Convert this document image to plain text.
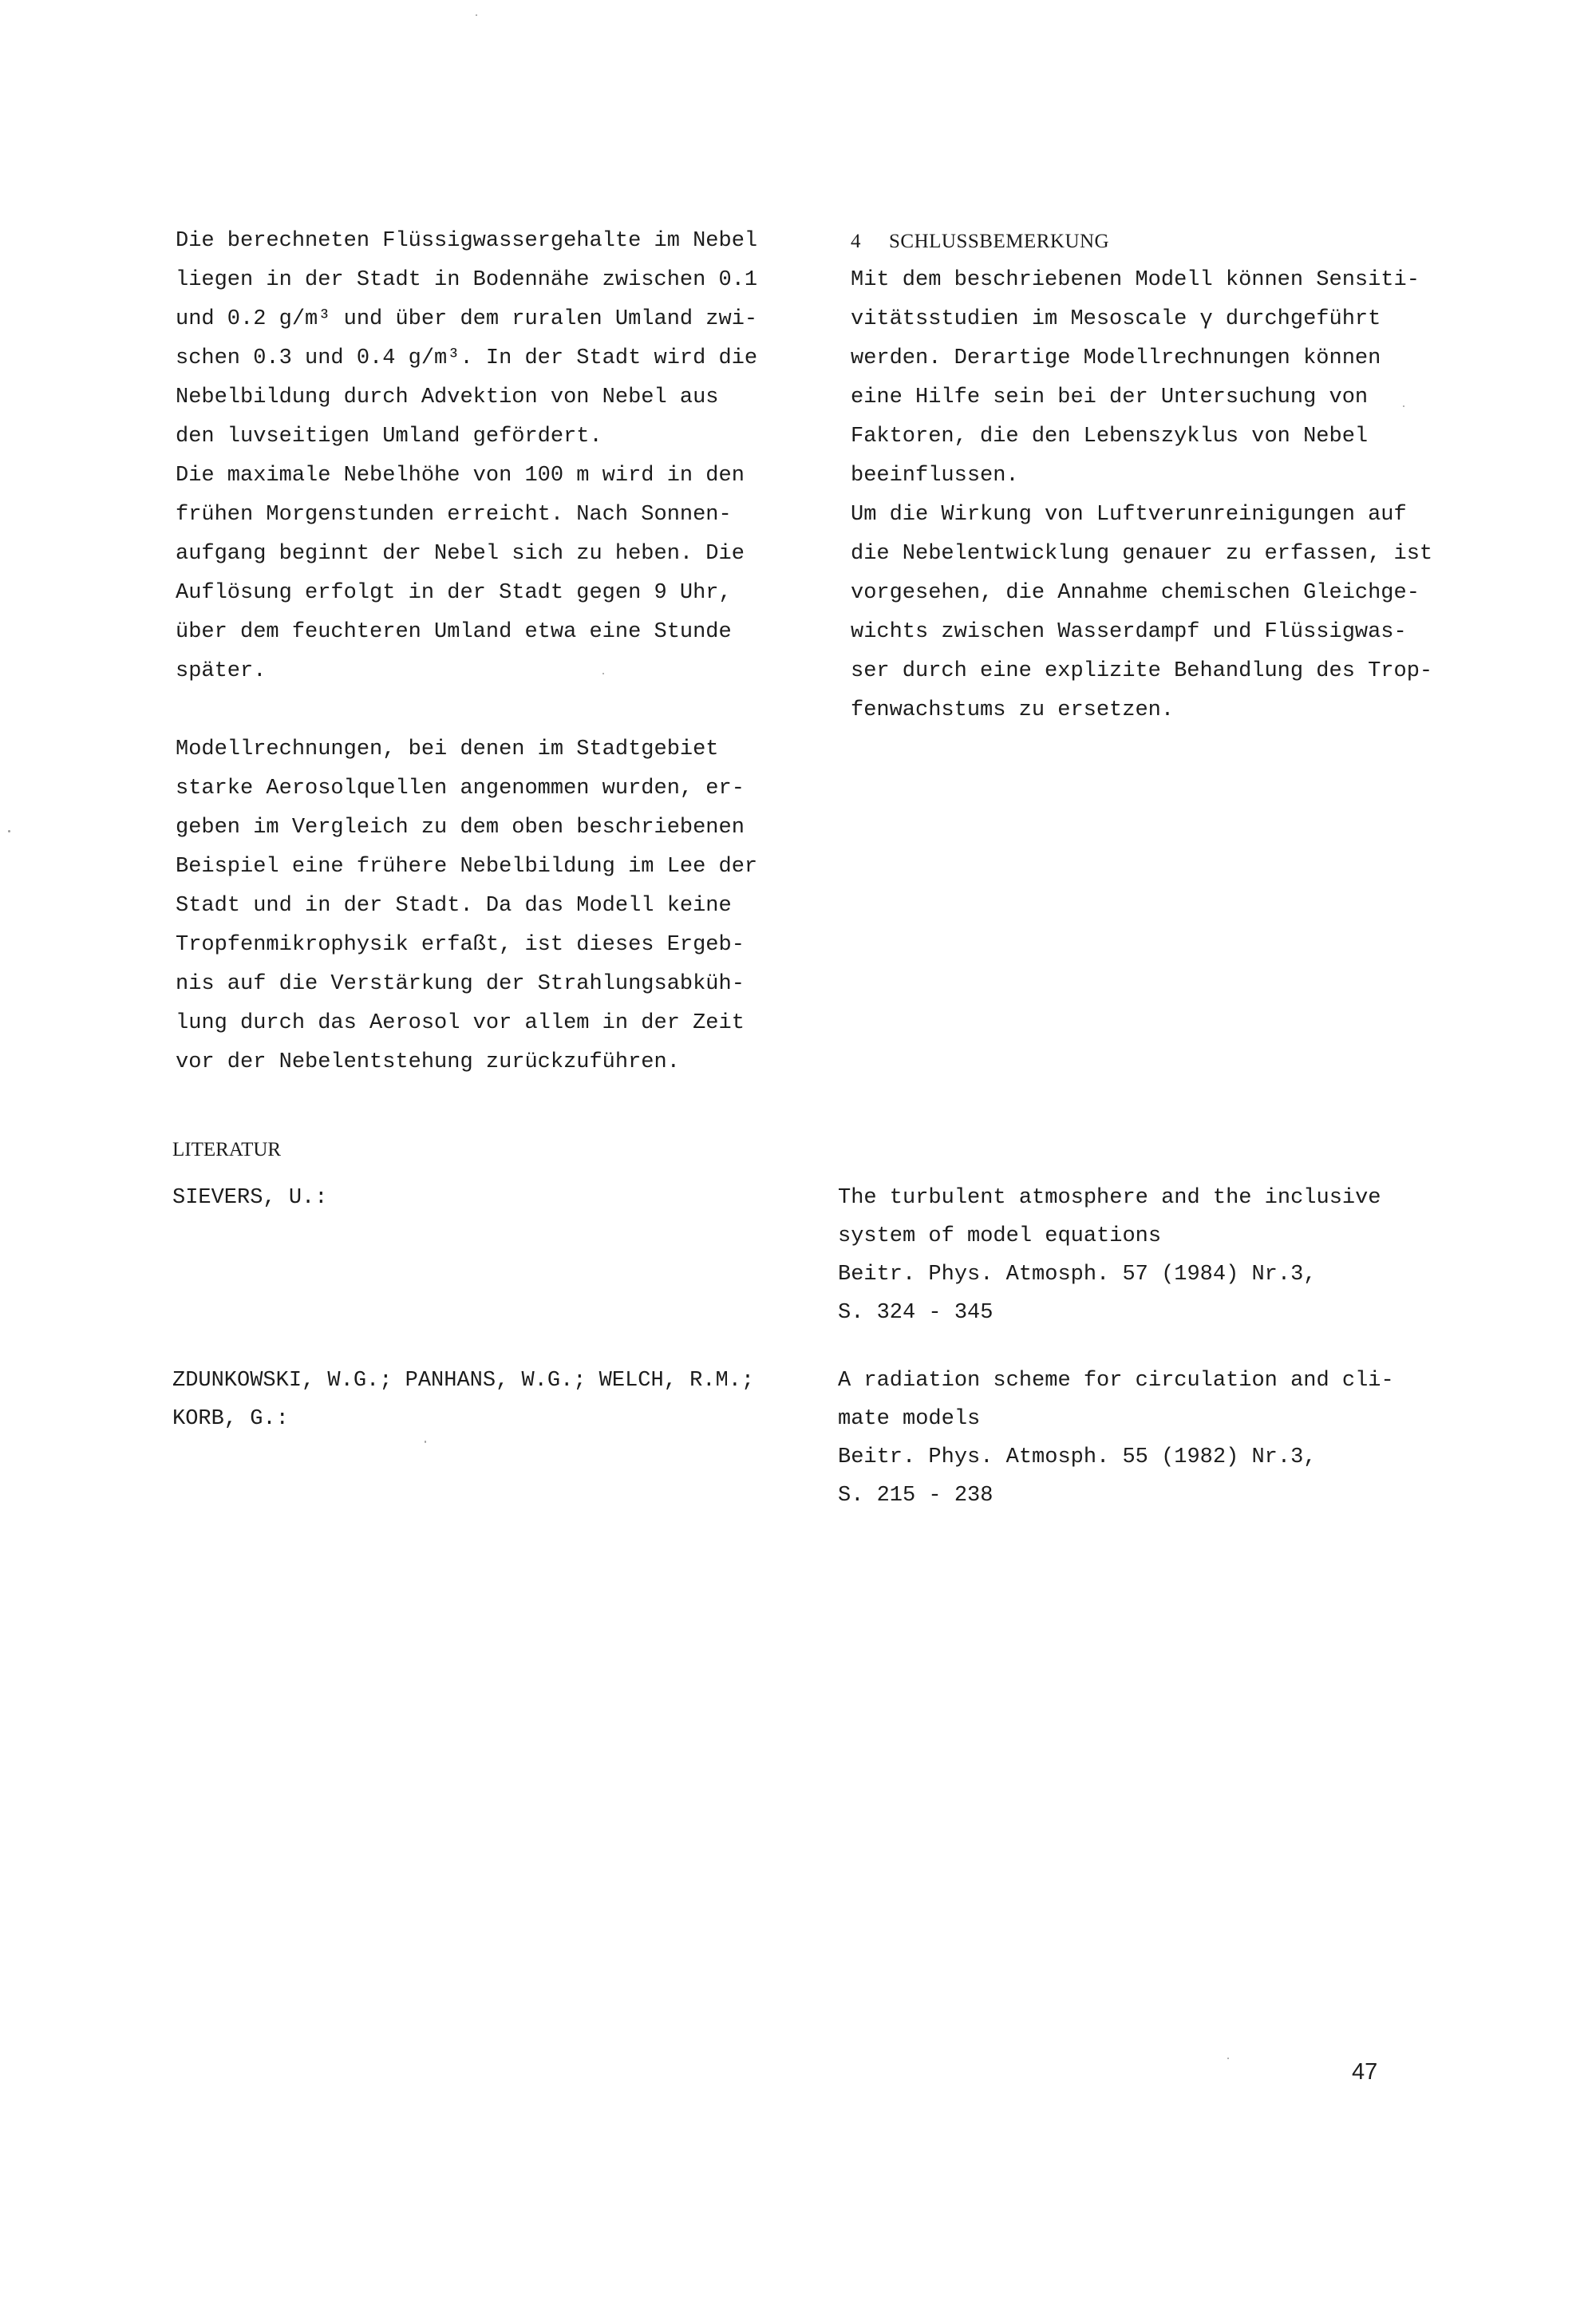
Die berechneten Flüssigwassergehalte im Nebel
liegen in der Stadt in Bodennähe zwischen 0.1
und 0.2 g/m³ und über dem ruralen Umland zwi-
schen 0.3 und 0.4 g/m³. In der Stadt wird die
Nebelbildung durch Advektion von Nebel aus
den luvseitigen Umland gefördert.
Die maximale Nebelhöhe von 100 m wird in den
frühen Morgenstunden erreicht. Nach Sonnen-
aufgang beginnt der Nebel sich zu heben. Die
Auflösung erfolgt in der Stadt gegen 9 Uhr,
über dem feuchteren Umland etwa eine Stunde
später.
Modellrechnungen, bei denen im Stadtgebiet
starke Aerosolquellen angenommen wurden, er-
geben im Vergleich zu dem oben beschriebenen
Beispiel eine frühere Nebelbildung im Lee der
Stadt und in der Stadt. Da das Modell keine
Tropfenmikrophysik erfaßt, ist dieses Ergeb-
nis auf die Verstärkung der Strahlungsabküh-
lung durch das Aerosol vor allem in der Zeit
vor der Nebelentstehung zurückzuführen.
4 SCHLUSSBEMERKUNG
Mit dem beschriebenen Modell können Sensiti-
vitätsstudien im Mesoscale γ durchgeführt
werden. Derartige Modellrechnungen können
eine Hilfe sein bei der Untersuchung von
Faktoren, die den Lebenszyklus von Nebel
beeinflussen.
Um die Wirkung von Luftverunreinigungen auf
die Nebelentwicklung genauer zu erfassen, ist
vorgesehen, die Annahme chemischen Gleichge-
wichts zwischen Wasserdampf und Flüssigwas-
ser durch eine explizite Behandlung des Trop-
fenwachstums zu ersetzen.
LITERATUR
SIEVERS, U.:	The turbulent atmosphere and the inclusive
system of model equations
Beitr. Phys. Atmosph. 57 (1984) Nr.3,
S. 324 - 345
ZDUNKOWSKI, W.G.; PANHANS, W.G.; WELCH, R.M.;
KORB, G.:
A radiation scheme for circulation and cli-
mate models
Beitr. Phys. Atmosph. 55 (1982) Nr.3,
S. 215 - 238
47
